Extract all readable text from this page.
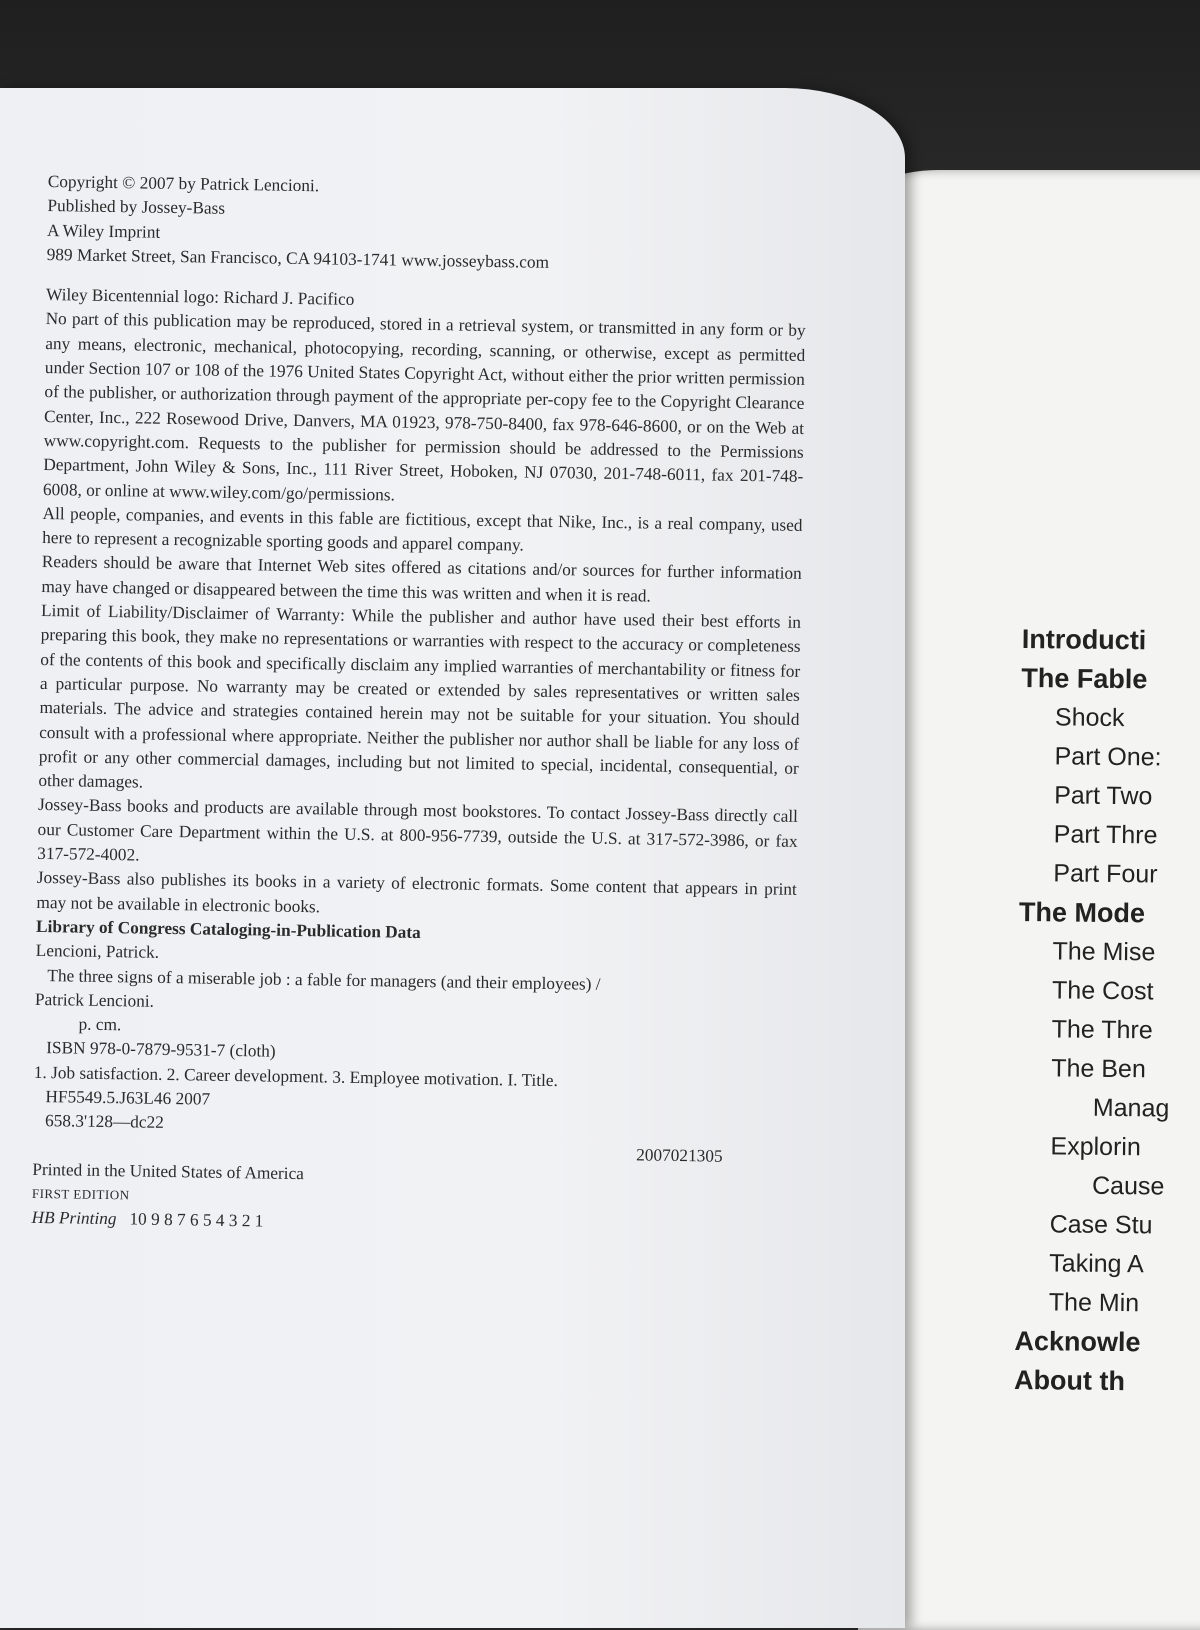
Introducti
The Fable
Shock
Part One:
Part Two
Part Thre
Part Four
The Mode
The Mise
The Cost
The Thre
The Ben
Manag
Explorin
Cause
Case Stu
Taking A
The Min
Acknowle
About th

Copyright © 2007 by Patrick Lencioni.

Published by Jossey-Bass
A Wiley Imprint
989 Market Street, San Francisco, CA 94103-1741 www.josseybass.com

Wiley Bicentennial logo: Richard J. Pacifico

No part of this publication may be reproduced, stored in a retrieval system, or transmitted in any form or by any means, electronic, mechanical, photocopying, recording, scanning, or otherwise, except as permitted under Section 107 or 108 of the 1976 United States Copyright Act, without either the prior written permission of the publisher, or authorization through payment of the appropriate per-copy fee to the Copyright Clearance Center, Inc., 222 Rosewood Drive, Danvers, MA 01923, 978-750-8400, fax 978-646-8600, or on the Web at www.copyright.com. Requests to the publisher for permission should be addressed to the Permissions Department, John Wiley & Sons, Inc., 111 River Street, Hoboken, NJ 07030, 201-748-6011, fax 201-748-6008, or online at www.wiley.com/go/permissions.

All people, companies, and events in this fable are fictitious, except that Nike, Inc., is a real company, used here to represent a recognizable sporting goods and apparel company.

Readers should be aware that Internet Web sites offered as citations and/or sources for further information may have changed or disappeared between the time this was written and when it is read.

Limit of Liability/Disclaimer of Warranty: While the publisher and author have used their best efforts in preparing this book, they make no representations or warranties with respect to the accuracy or completeness of the contents of this book and specifically disclaim any implied warranties of merchantability or fitness for a particular purpose. No warranty may be created or extended by sales representatives or written sales materials. The advice and strategies contained herein may not be suitable for your situation. You should consult with a professional where appropriate. Neither the publisher nor author shall be liable for any loss of profit or any other commercial damages, including but not limited to special, incidental, consequential, or other damages.

Jossey-Bass books and products are available through most bookstores. To contact Jossey-Bass directly call our Customer Care Department within the U.S. at 800-956-7739, outside the U.S. at 317-572-3986, or fax 317-572-4002.

Jossey-Bass also publishes its books in a variety of electronic formats. Some content that appears in print may not be available in electronic books.

Library of Congress Cataloging-in-Publication Data

Lencioni, Patrick.
The three signs of a miserable job : a fable for managers (and their employees) /
Patrick Lencioni.
p. cm.
ISBN 978-0-7879-9531-7 (cloth)
1. Job satisfaction. 2. Career development. 3. Employee motivation. I. Title.
HF5549.5.J63L46 2007
658.3'128—dc22

2007021305

Printed in the United States of America
FIRST EDITION
HB Printing 10 9 8 7 6 5 4 3 2 1
